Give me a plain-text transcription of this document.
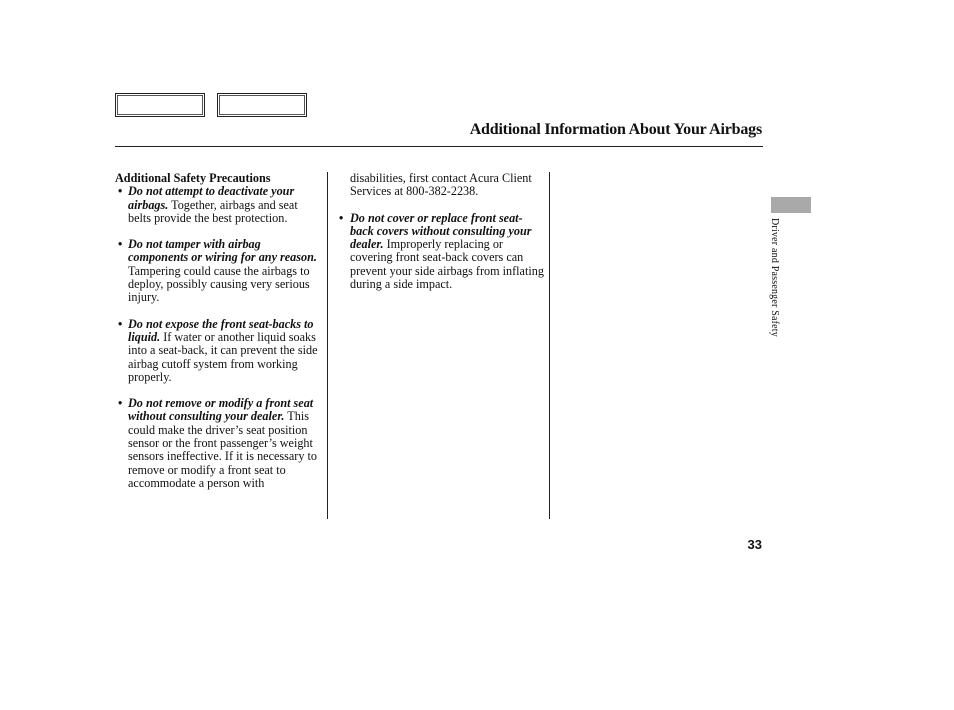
Additional Information About Your Airbags
Additional Safety Precautions
• Do not attempt to deactivate your airbags. Together, airbags and seat belts provide the best protection.
• Do not tamper with airbag components or wiring for any reason. Tampering could cause the airbags to deploy, possibly causing very serious injury.
• Do not expose the front seat-backs to liquid. If water or another liquid soaks into a seat-back, it can prevent the side airbag cutoff system from working properly.
• Do not remove or modify a front seat without consulting your dealer. This could make the driver’s seat position sensor or the front passenger’s weight sensors ineffective. If it is necessary to remove or modify a front seat to accommodate a person with
disabilities, first contact Acura Client Services at 800-382-2238.
• Do not cover or replace front seat-back covers without consulting your dealer. Improperly replacing or covering front seat-back covers can prevent your side airbags from inflating during a side impact.	Driver and Passenger Safety
33
